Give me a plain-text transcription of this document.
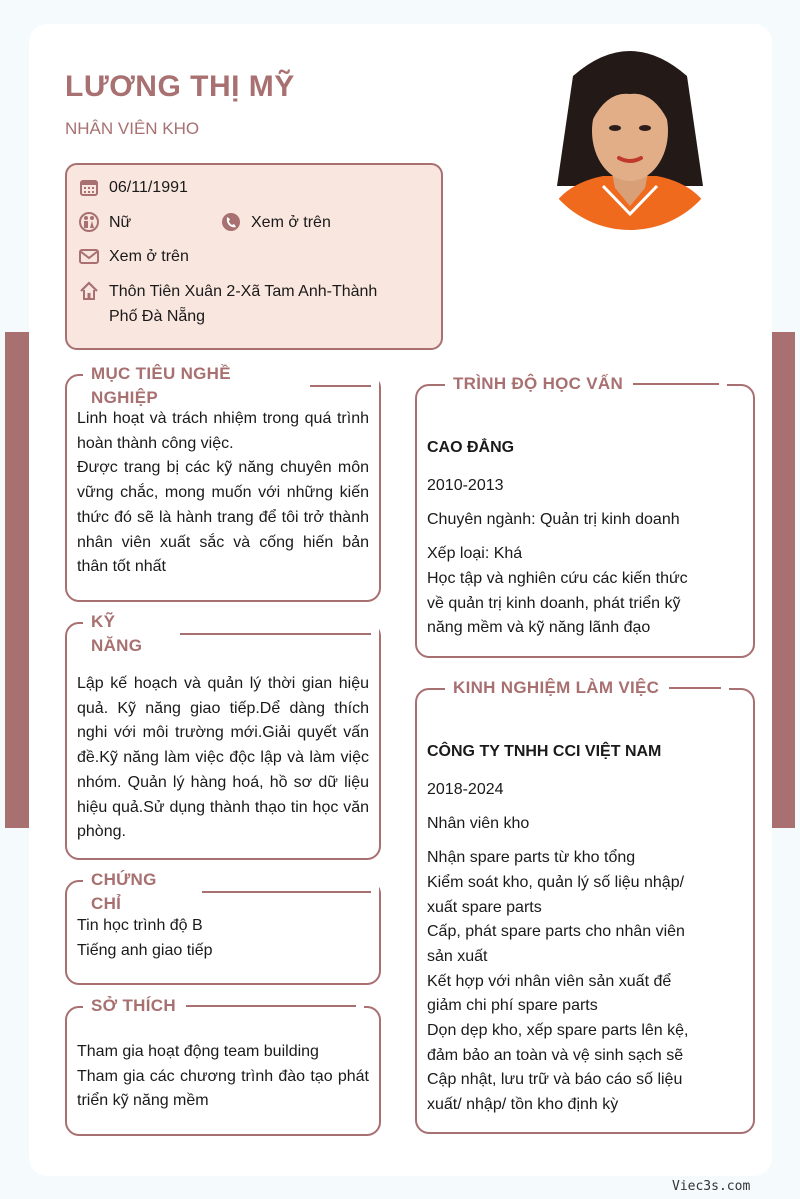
LƯƠNG THỊ MỸ
NHÂN VIÊN KHO
06/11/1991
Nữ	Xem ở trên
Xem ở trên
Thôn Tiên Xuân 2-Xã Tam Anh-Thành
Phố Đà Nẵng
MỤC TIÊU NGHỀ NGHIỆP

Linh hoạt và trách nhiệm trong quá trình hoàn thành công việc.

Được trang bị các kỹ năng chuyên môn vững chắc, mong muốn với những kiến thức đó sẽ là hành trang để tôi trở thành nhân viên xuất sắc và cống hiến bản thân tốt nhất

KỸ NĂNG

Lập kế hoạch và quản lý thời gian hiệu quả. Kỹ năng giao tiếp.Dể dàng thích nghi với môi trường mới.Giải quyết vấn đề.Kỹ năng làm việc độc lập và làm việc nhóm. Quản lý hàng hoá, hồ sơ dữ liệu hiệu quả.Sử dụng thành thạo tin học văn phòng.

CHỨNG CHỈ
Tin học trình độ B
Tiếng anh giao tiếp
SỞ THÍCH
Tham gia hoạt động team building
Tham gia các chương trình đào tạo phát triển kỹ năng mềm
TRÌNH ĐỘ HỌC VẤN
CAO ĐẲNG
2010-2013
Chuyên ngành: Quản trị kinh doanh
Xếp loại: Khá
Học tập và nghiên cứu các kiến thức
về quản trị kinh doanh, phát triển kỹ
năng mềm và kỹ năng lãnh đạo
KINH NGHIỆM LÀM VIỆC
CÔNG TY TNHH CCI VIỆT NAM
2018-2024
Nhân viên kho
Nhận spare parts từ kho tổng
Kiểm soát kho, quản lý số liệu nhập/
xuất spare parts
Cấp, phát spare parts cho nhân viên
sản xuất
Kết hợp với nhân viên sản xuất để
giảm chi phí spare parts
Dọn dẹp kho, xếp spare parts lên kệ,
đảm bảo an toàn và vệ sinh sạch sẽ
Cập nhật, lưu trữ và báo cáo số liệu
xuất/ nhập/ tồn kho định kỳ
Viec3s.com
